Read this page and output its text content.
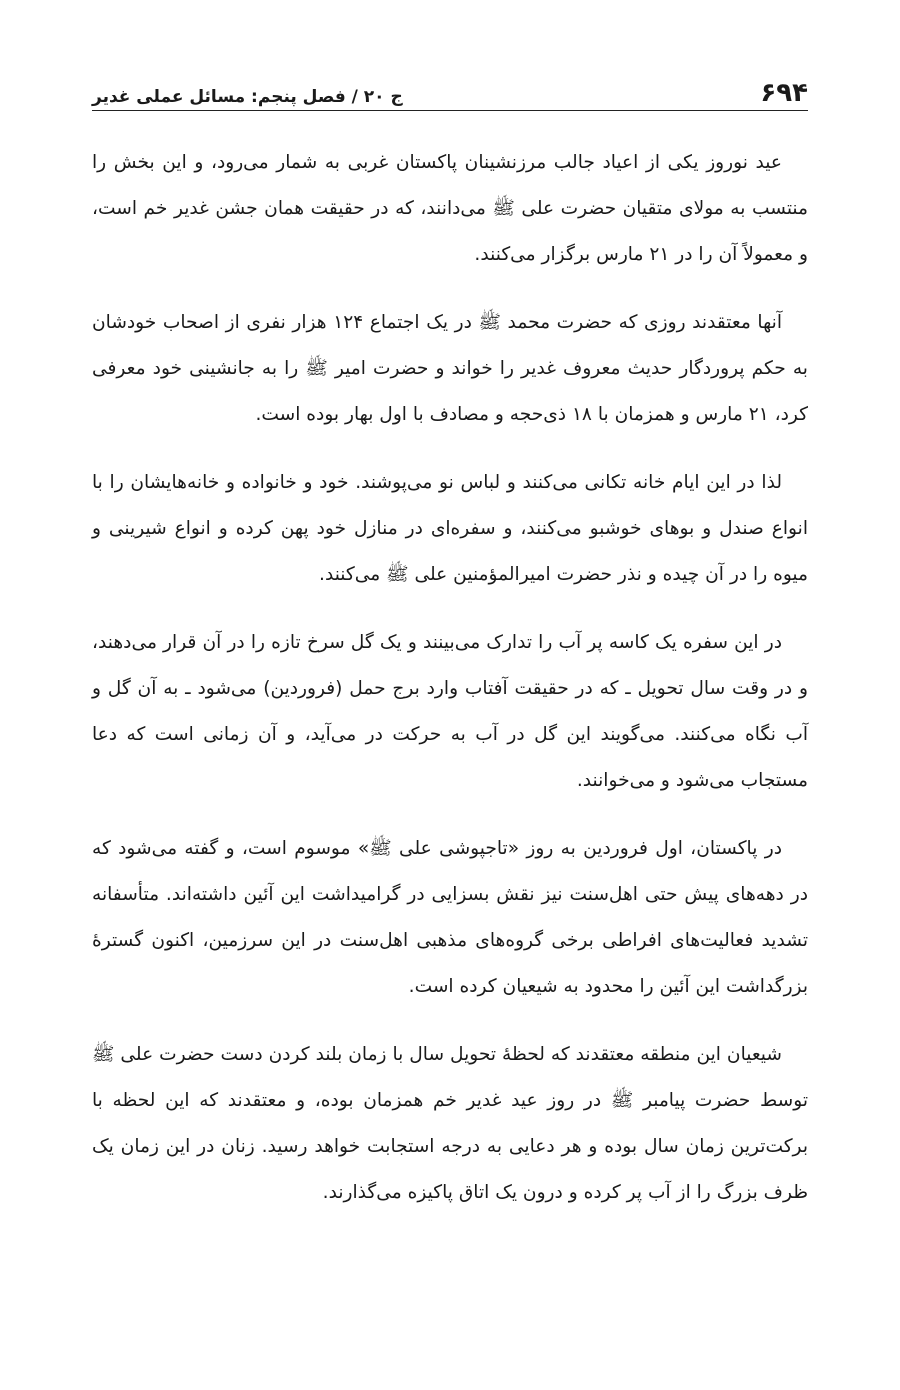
۶۹۴
ج ۲۰ / فصل پنجم: مسائل عملی غدیر

عید نوروز یکی از اعیاد جالب مرزنشینان پاکستان غربی به شمار می‌رود، و این بخش را منتسب به مولای متقیان حضرت علی ﷺ می‌دانند، که در حقیقت همان جشن غدیر خم است، و معمولاً آن را در ۲۱ مارس برگزار می‌کنند.

آنها معتقدند روزی که حضرت محمد ﷺ در یک اجتماع ۱۲۴ هزار نفری از اصحاب خودشان به حکم پروردگار حدیث معروف غدیر را خواند و حضرت امیر ﷺ را به جانشینی خود معرفی کرد، ۲۱ مارس و همزمان با ۱۸ ذی‌حجه و مصادف با اول بهار بوده است.

لذا در این ایام خانه تکانی می‌کنند و لباس نو می‌پوشند. خود و خانواده و خانه‌هایشان را با انواع صندل و بوهای خوشبو می‌کنند، و سفره‌ای در منازل خود پهن کرده و انواع شیرینی و میوه را در آن چیده و نذر حضرت امیرالمؤمنین علی ﷺ می‌کنند.

در این سفره یک کاسه پر آب را تدارک می‌بینند و یک گل سرخ تازه را در آن قرار می‌دهند، و در وقت سال تحویل ـ که در حقیقت آفتاب وارد برج حمل (فروردین) می‌شود ـ به آن گل و آب نگاه می‌کنند. می‌گویند این گل در آب به حرکت در می‌آید، و آن زمانی است که دعا مستجاب می‌شود و می‌خوانند.

در پاکستان، اول فروردین به روز «تاجپوشی علی ﷺ» موسوم است، و گفته می‌شود که در دهه‌های پیش حتی اهل‌سنت نیز نقش بسزایی در گرامیداشت این آئین داشته‌اند. متأسفانه تشدید فعالیت‌های افراطی برخی گروه‌های مذهبی اهل‌سنت در این سرزمین، اکنون گسترهٔ بزرگداشت این آئین را محدود به شیعیان کرده است.

شیعیان این منطقه معتقدند که لحظهٔ تحویل سال با زمان بلند کردن دست حضرت علی ﷺ توسط حضرت پیامبر ﷺ در روز عید غدیر خم همزمان بوده، و معتقدند که این لحظه با برکت‌ترین زمان سال بوده و هر دعایی به درجه استجابت خواهد رسید. زنان در این زمان یک ظرف بزرگ را از آب پر کرده و درون یک اتاق پاکیزه می‌گذارند.
